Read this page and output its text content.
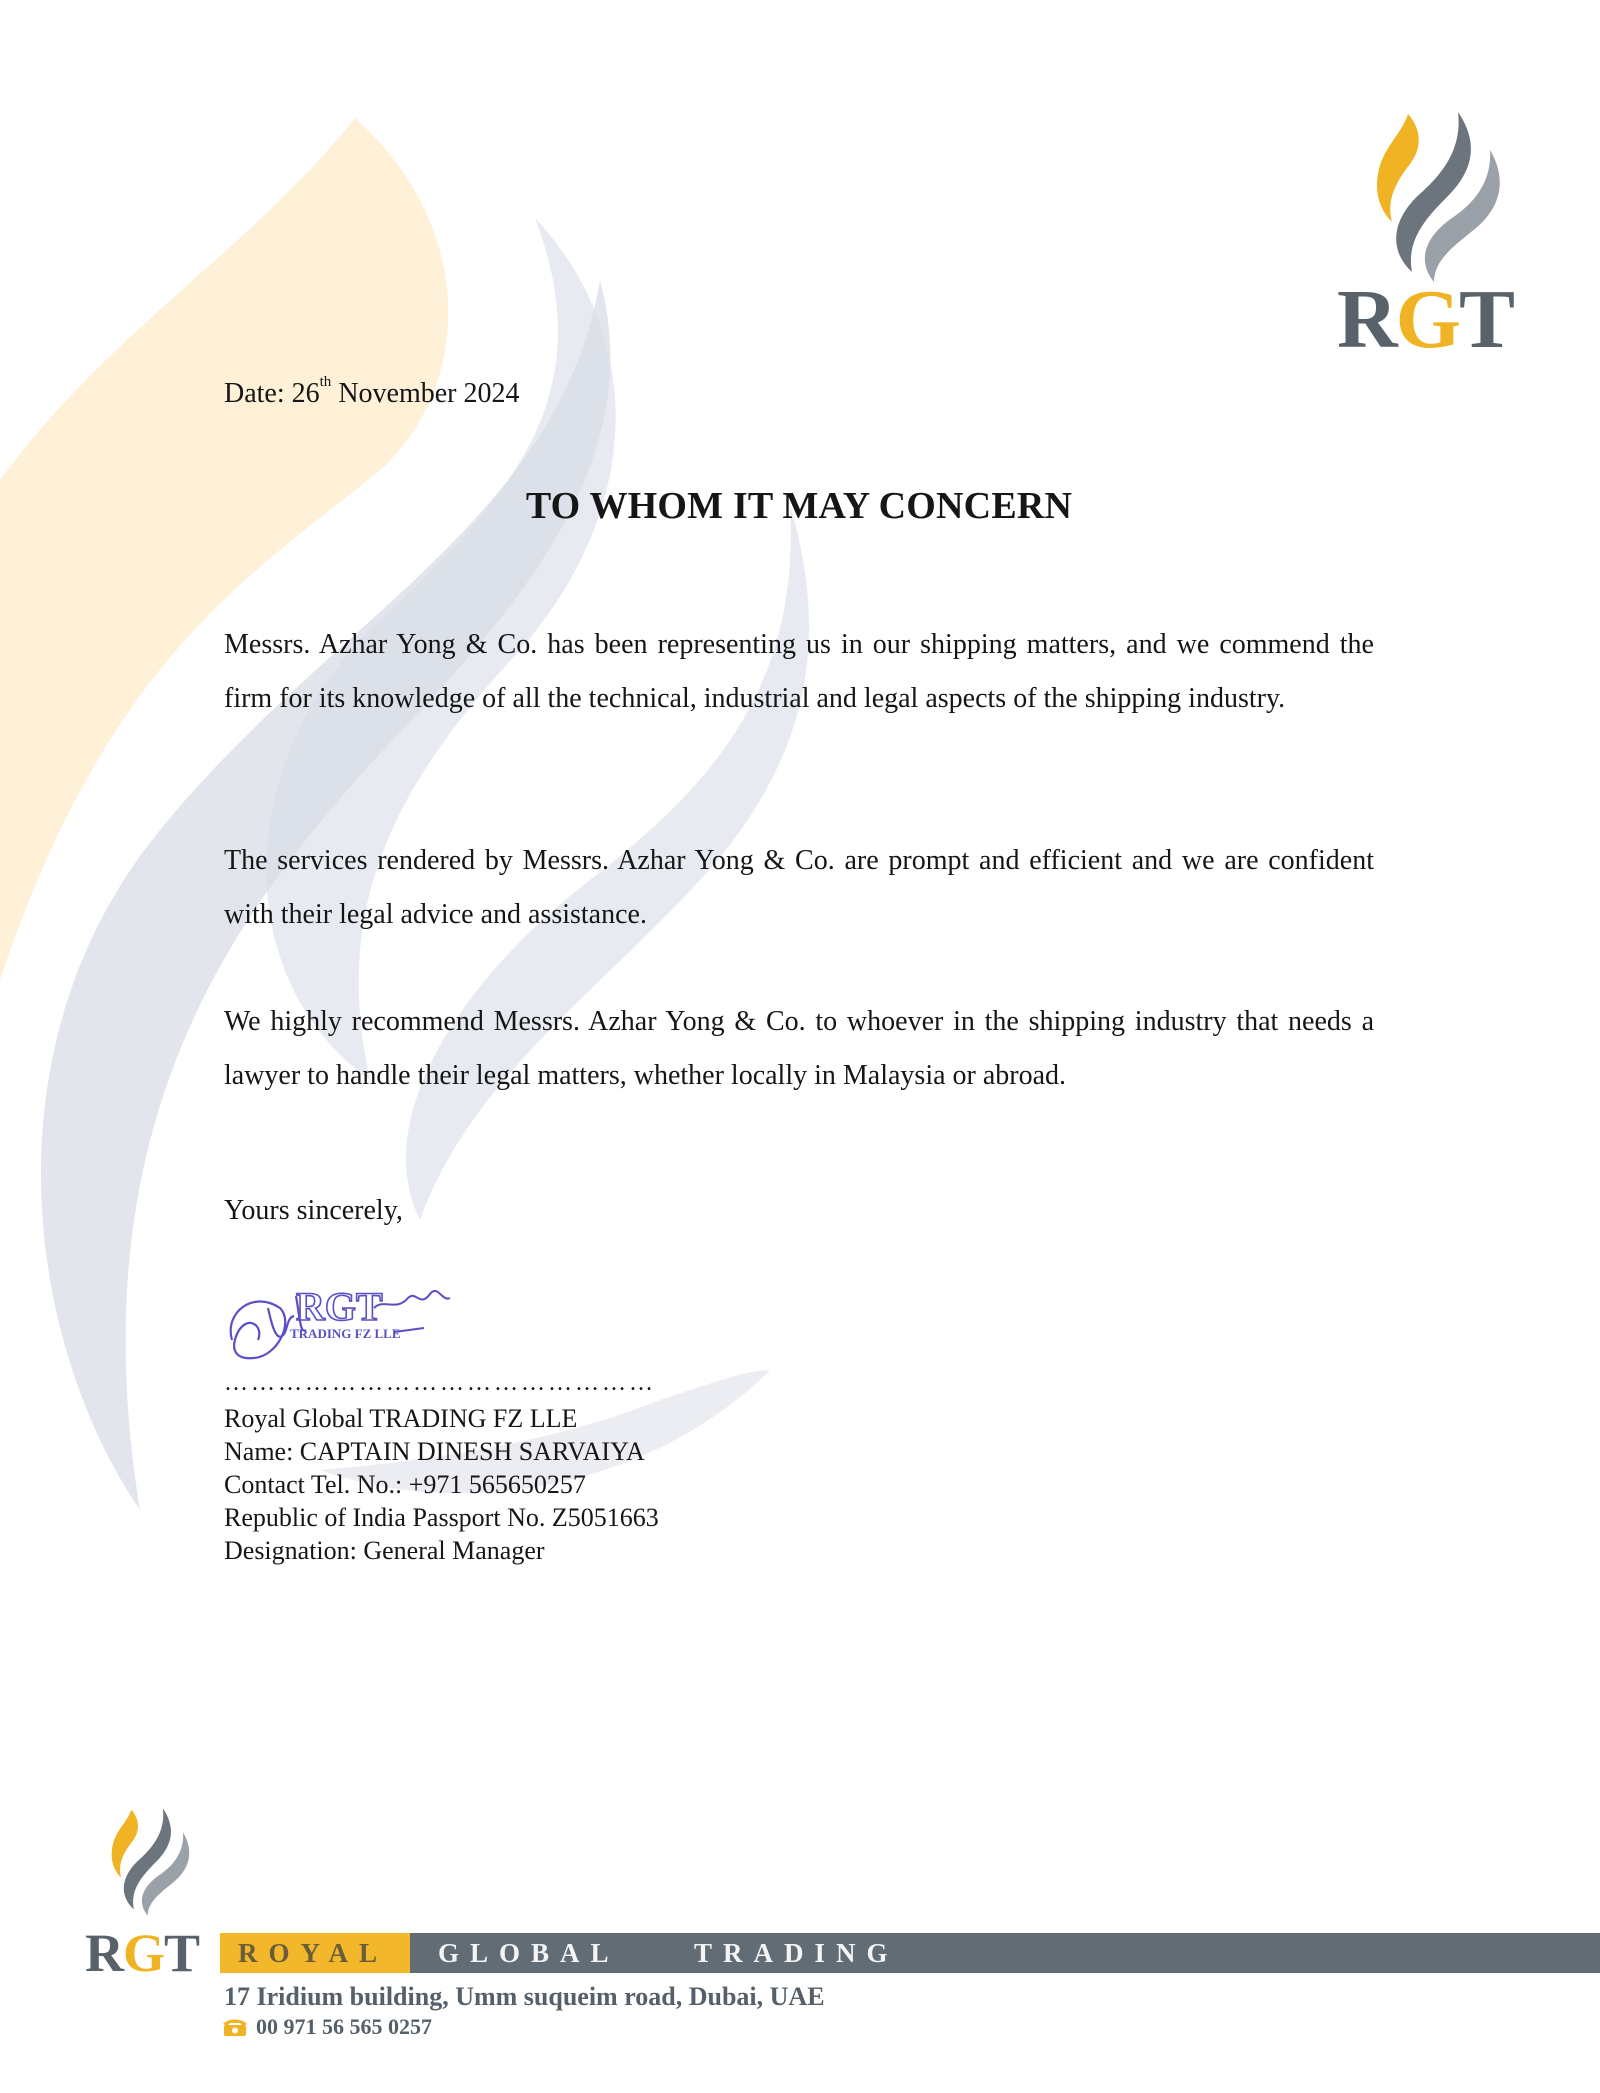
RGT
Date: 26th November 2024
TO WHOM IT MAY CONCERN
Messrs. Azhar Yong & Co. has been representing us in our shipping matters, and we commend the firm for its knowledge of all the technical, industrial and legal aspects of the shipping industry.
The services rendered by Messrs. Azhar Yong & Co. are prompt and efficient and we are confident with their legal advice and assistance.
We highly recommend Messrs. Azhar Yong & Co. to whoever in the shipping industry that needs a lawyer to handle their legal matters, whether locally in Malaysia or abroad.
Yours sincerely,
RGT
TRADING FZ LLE
…………………………………………
Royal Global TRADING FZ LLE
Name: CAPTAIN DINESH SARVAIYA
Contact Tel. No.: +971 565650257
Republic of India Passport No. Z5051663
Designation: General Manager
RGT	ROYAL	GLOBAL	TRADING
17 Iridium building, Umm suqueim road, Dubai, UAE
00 971 56 565 0257
